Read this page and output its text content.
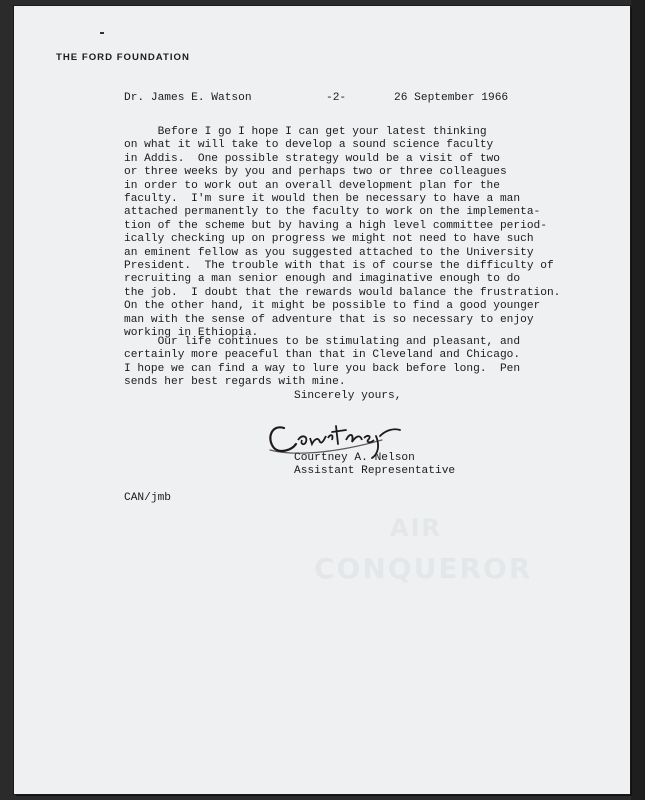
AIR
CONQUEROR
THE FORD FOUNDATION
Dr. James E. Watson	-2-	26 September 1966
Before I go I hope I can get your latest thinking
on what it will take to develop a sound science faculty
in Addis.  One possible strategy would be a visit of two
or three weeks by you and perhaps two or three colleagues
in order to work out an overall development plan for the
faculty.  I'm sure it would then be necessary to have a man
attached permanently to the faculty to work on the implementa-
tion of the scheme but by having a high level committee period-
ically checking up on progress we might not need to have such
an eminent fellow as you suggested attached to the University
President.  The trouble with that is of course the difficulty of
recruiting a man senior enough and imaginative enough to do
the job.  I doubt that the rewards would balance the frustration.
On the other hand, it might be possible to find a good younger
man with the sense of adventure that is so necessary to enjoy
working in Ethiopia.
Our life continues to be stimulating and pleasant, and
certainly more peaceful than that in Cleveland and Chicago.
I hope we can find a way to lure you back before long.  Pen
sends her best regards with mine.
Sincerely yours,
Courtney A. Nelson
Assistant Representative
CAN/jmb
